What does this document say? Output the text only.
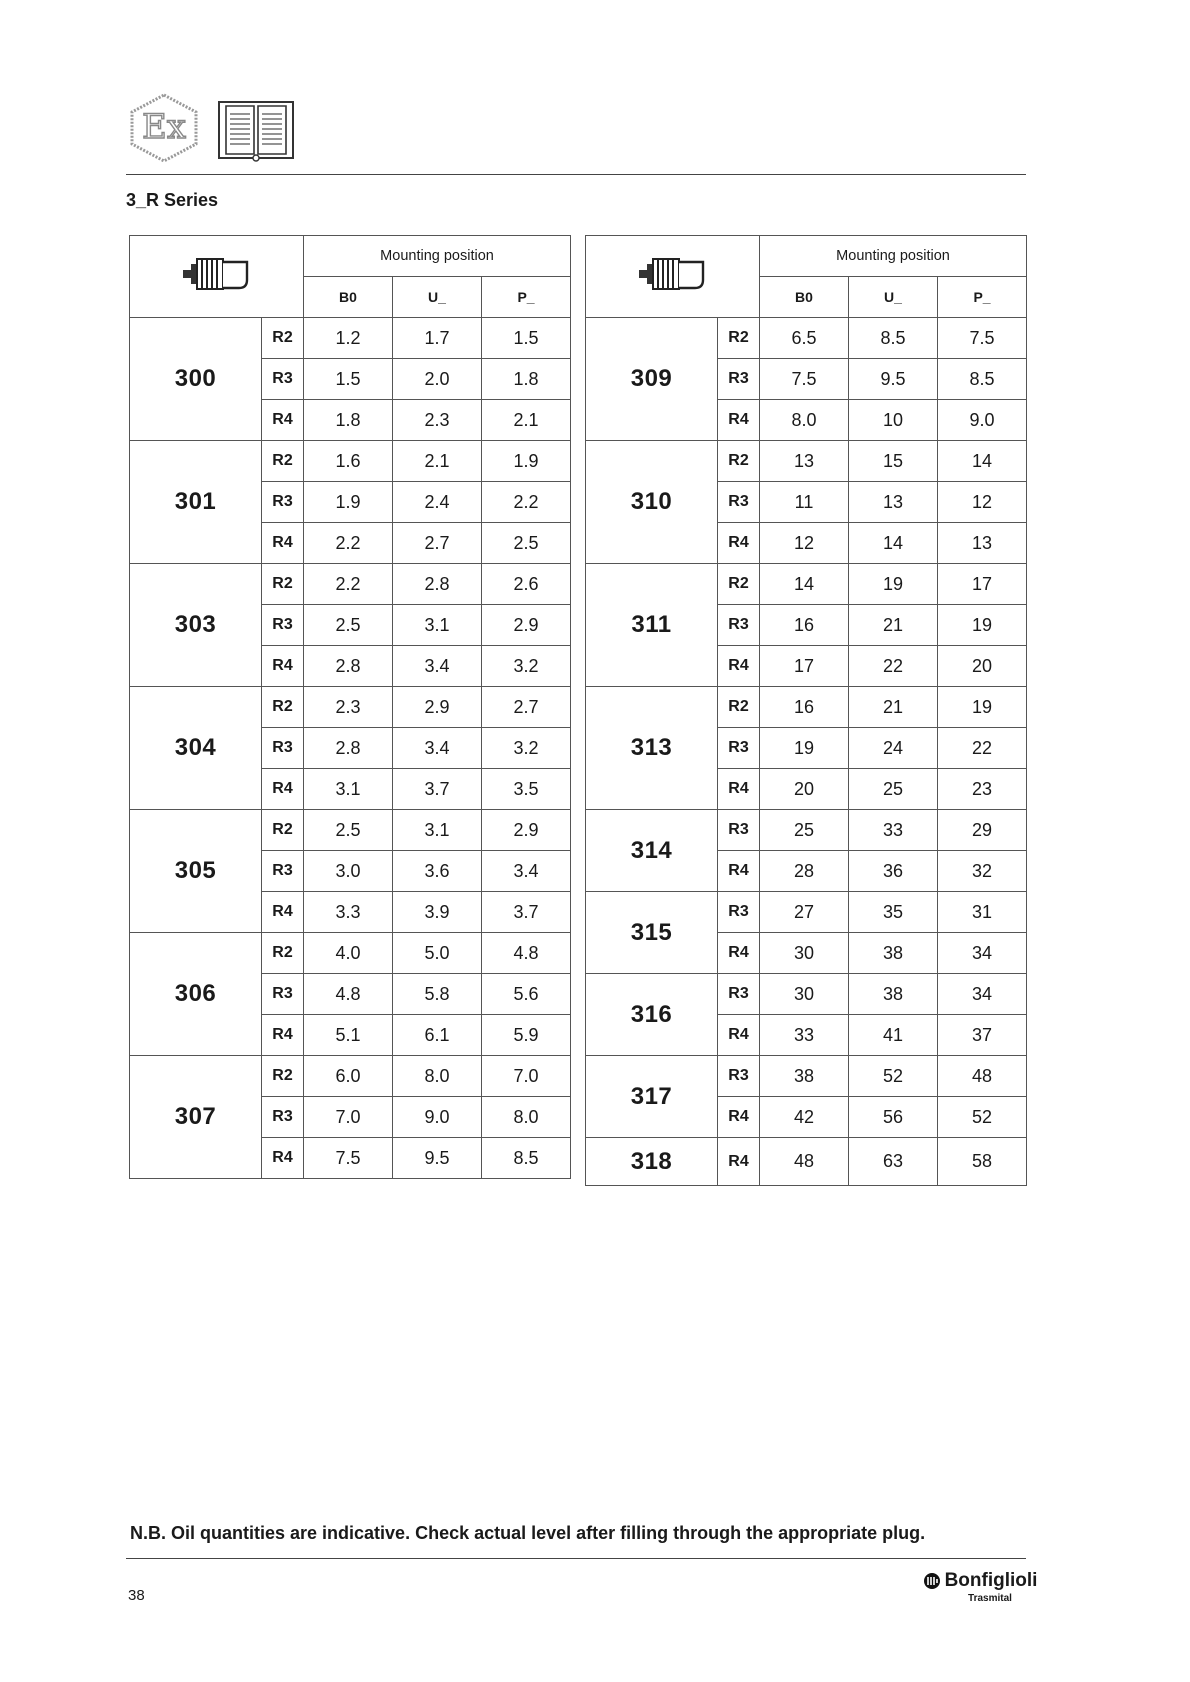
Ex
3_R Series
	Mounting position		
		B0	U_	P_
300	R2	1.2	1.7	1.5
	R3	1.5	2.0	1.8
	R4	1.8	2.3	2.1
301	R2	1.6	2.1	1.9
	R3	1.9	2.4	2.2
	R4	2.2	2.7	2.5
303	R2	2.2	2.8	2.6
	R3	2.5	3.1	2.9
	R4	2.8	3.4	3.2
304	R2	2.3	2.9	2.7
	R3	2.8	3.4	3.2
	R4	3.1	3.7	3.5
305	R2	2.5	3.1	2.9
	R3	3.0	3.6	3.4
	R4	3.3	3.9	3.7
306	R2	4.0	5.0	4.8
	R3	4.8	5.8	5.6
	R4	5.1	6.1	5.9
307	R2	6.0	8.0	7.0
	R3	7.0	9.0	8.0
	R4	7.5	9.5	8.5
	Mounting position		
		B0	U_	P_
309	R2	6.5	8.5	7.5
	R3	7.5	9.5	8.5
	R4	8.0	10	9.0
310	R2	13	15	14
	R3	11	13	12
	R4	12	14	13
311	R2	14	19	17
	R3	16	21	19
	R4	17	22	20
313	R2	16	21	19
	R3	19	24	22
	R4	20	25	23
314	R3	25	33	29
	R4	28	36	32
315	R3	27	35	31
	R4	30	38	34
316	R3	30	38	34
	R4	33	41	37
317	R3	38	52	48
	R4	42	56	52
318	R4	48	63	58
N.B. Oil quantities are indicative. Check actual level after filling through the appropriate plug.
38
Bonfiglioli
Trasmital
